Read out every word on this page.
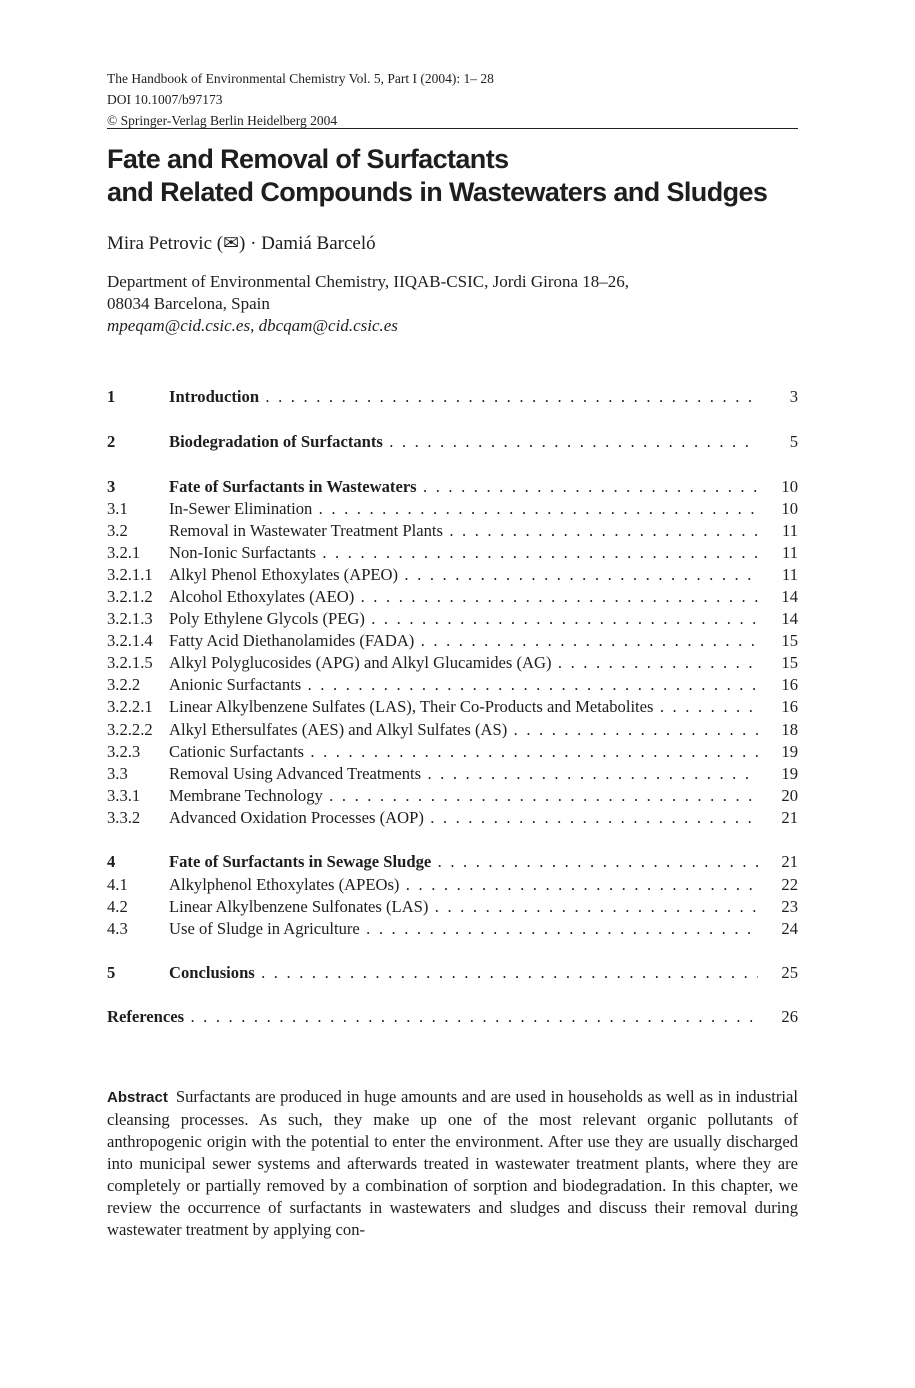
The Handbook of Environmental Chemistry Vol. 5, Part I (2004): 1– 28
DOI 10.1007/b97173
© Springer-Verlag Berlin Heidelberg 2004
Fate and Removal of Surfactants
and Related Compounds in Wastewaters and Sludges
Mira Petrovic (✉) · Damiá Barceló
Department of Environmental Chemistry, IIQAB-CSIC, Jordi Girona 18–26,
08034 Barcelona, Spain
mpeqam@cid.csic.es, dbcqam@cid.csic.es
1	Introduction . . .	3
2	Biodegradation of Surfactants . . .	5
3	Fate of Surfactants in Wastewaters . . .	10
3.1 In-Sewer Elimination . . .	10
3.2 Removal in Wastewater Treatment Plants . . .	11
3.2.1 Non-Ionic Surfactants . . .	11
3.2.1.1 Alkyl Phenol Ethoxylates (APEO) . . .	11
3.2.1.2 Alcohol Ethoxylates (AEO) . . .	14
3.2.1.3 Poly Ethylene Glycols (PEG) . . .	14
3.2.1.4 Fatty Acid Diethanolamides (FADA) . . .	15
3.2.1.5 Alkyl Polyglucosides (APG) and Alkyl Glucamides (AG) . . .	15
3.2.2 Anionic Surfactants . . .	16
3.2.2.1 Linear Alkylbenzene Sulfates (LAS), Their Co-Products and Metabolites . . .	16
3.2.2.2 Alkyl Ethersulfates (AES) and Alkyl Sulfates (AS) . . .	18
3.2.3 Cationic Surfactants . . .	19
3.3 Removal Using Advanced Treatments . . .	19
3.3.1 Membrane Technology . . .	20
3.3.2 Advanced Oxidation Processes (AOP) . . .	21
4	Fate of Surfactants in Sewage Sludge . . .	21
4.1 Alkylphenol Ethoxylates (APEOs) . . .	22
4.2 Linear Alkylbenzene Sulfonates (LAS) . . .	23
4.3 Use of Sludge in Agriculture . . .	24
5	Conclusions . . .	25
References . . .	26
Abstract Surfactants are produced in huge amounts and are used in households as well as in industrial cleansing processes. As such, they make up one of the most relevant organic pollutants of anthropogenic origin with the potential to enter the environment. After use they are usually discharged into municipal sewer systems and afterwards treated in wastewater treatment plants, where they are completely or partially removed by a combination of sorption and biodegradation. In this chapter, we review the occurrence of surfactants in wastewaters and sludges and discuss their removal during wastewater treatment by applying con-
